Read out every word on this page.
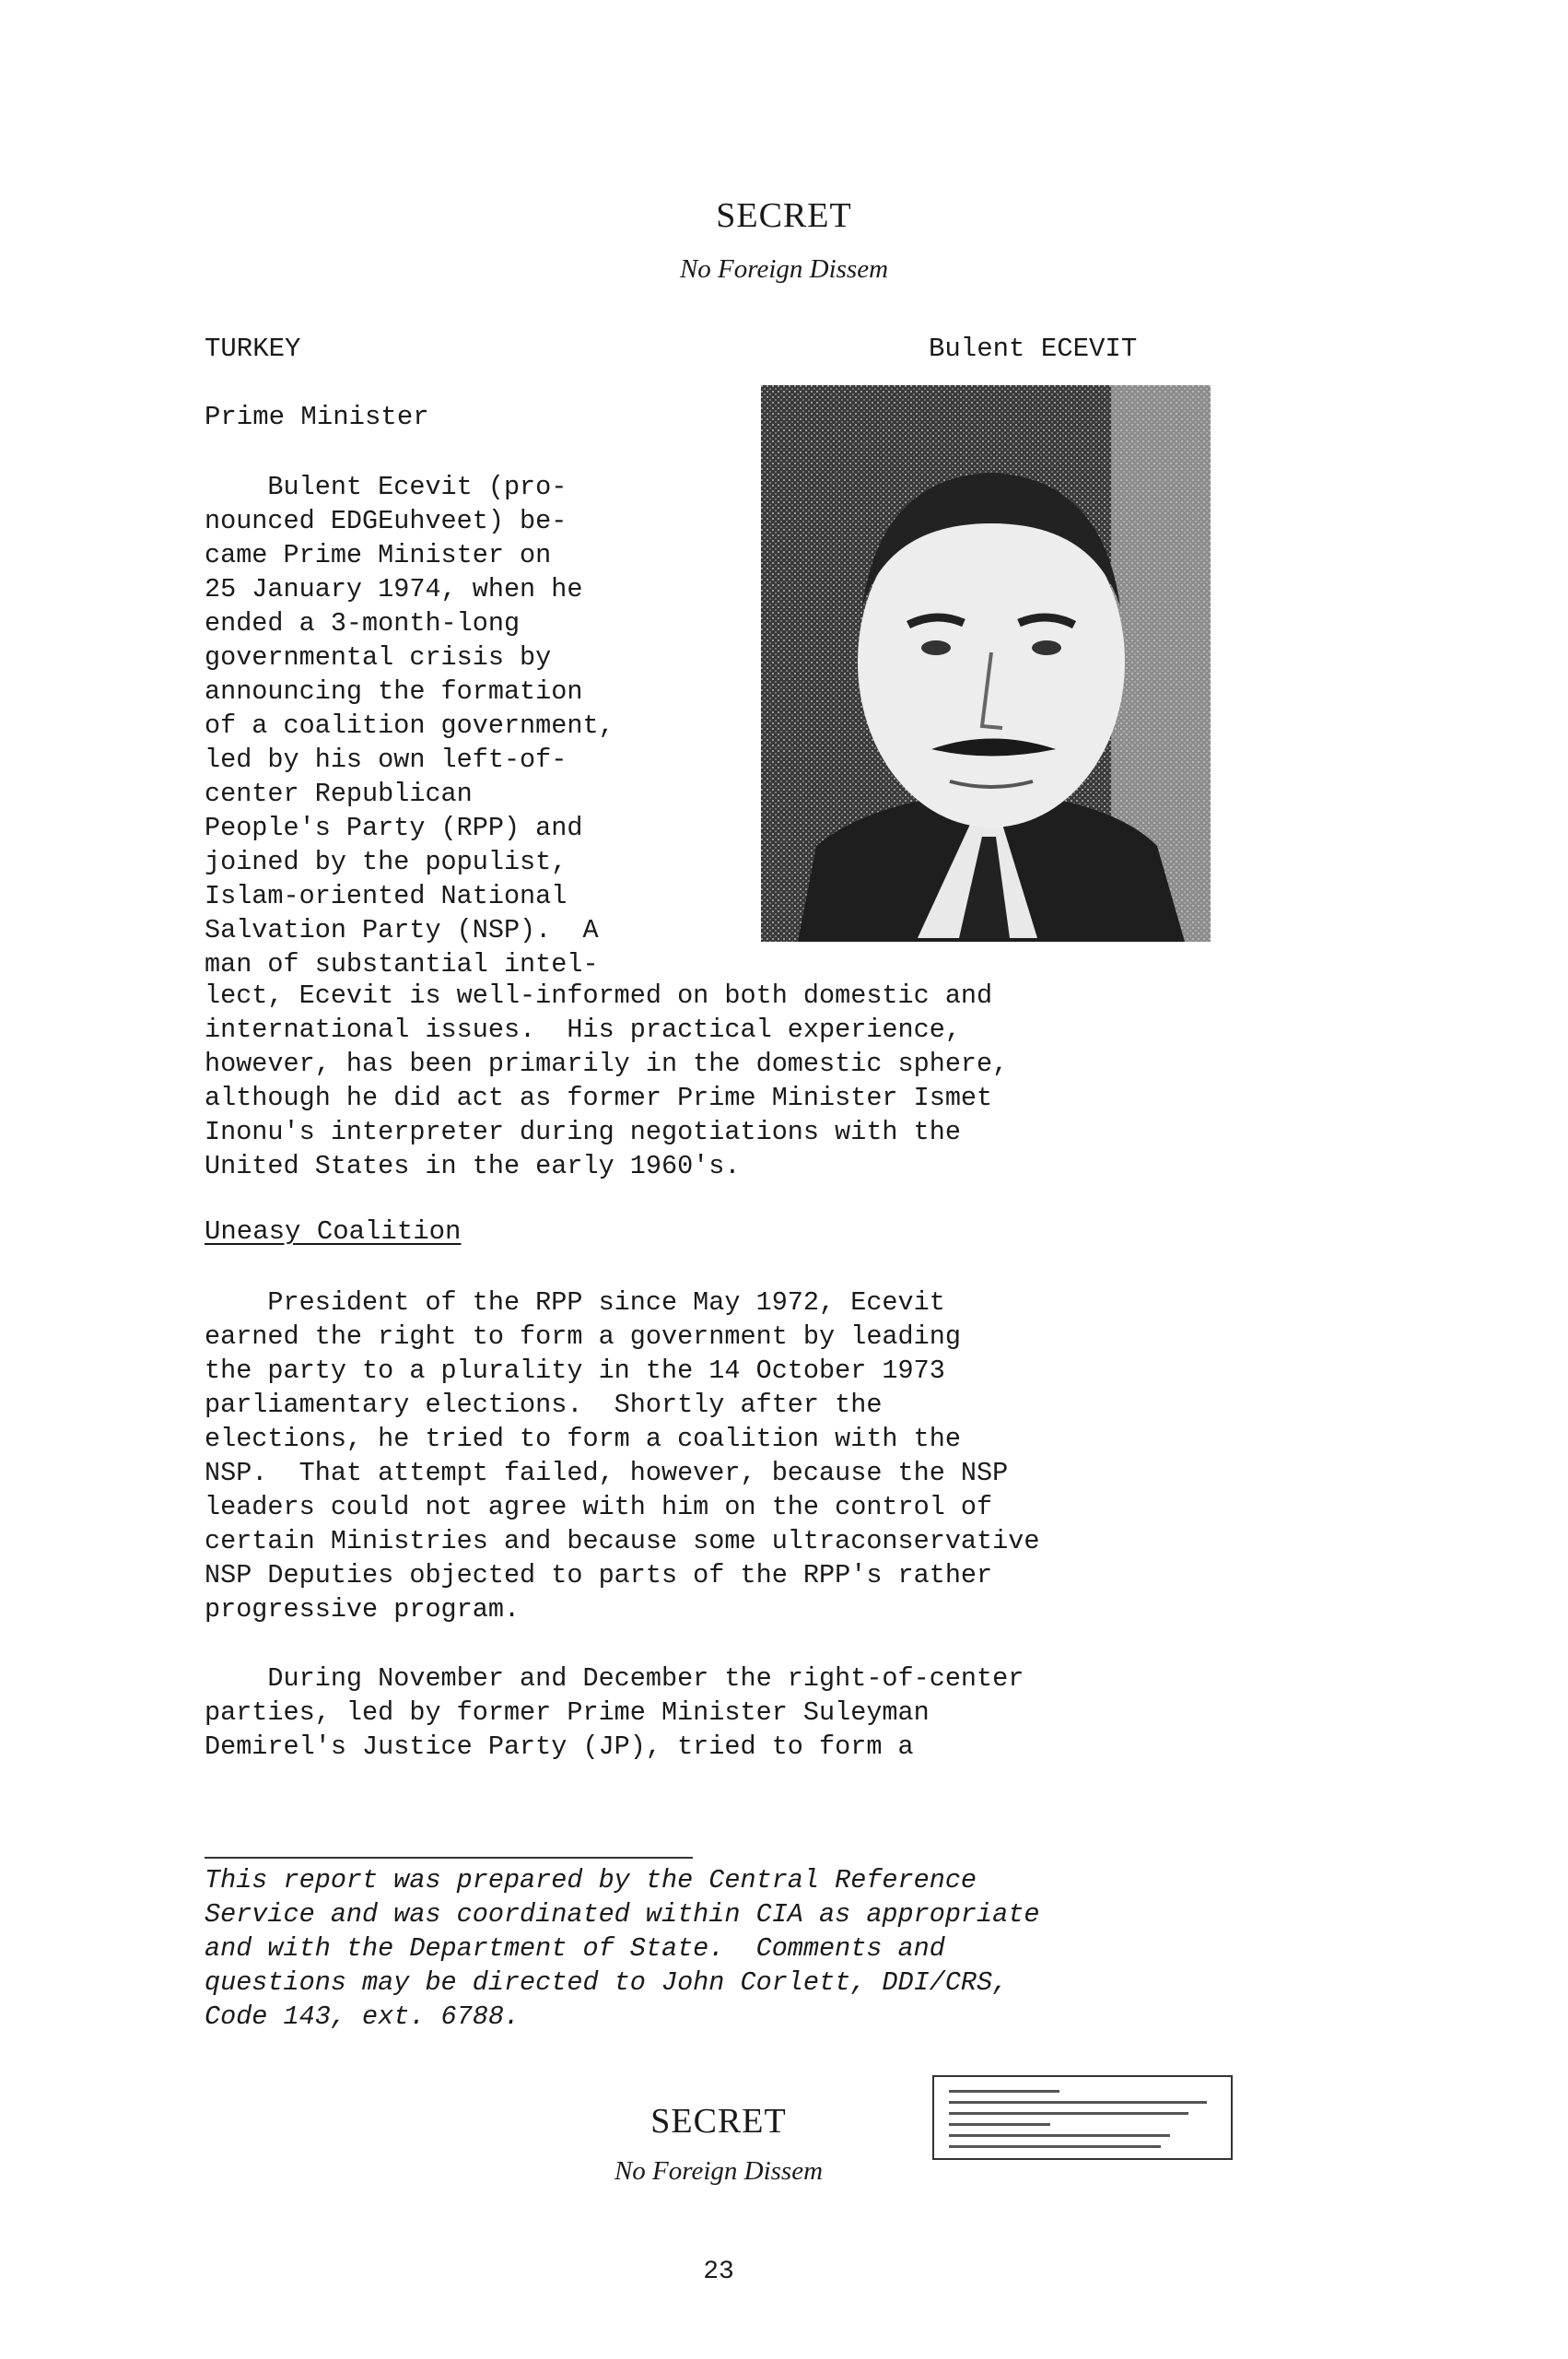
SECRET
No Foreign Dissem
TURKEY	Bulent ECEVIT
Prime Minister
Bulent Ecevit (pro-
nounced EDGEuhveet) be-
came Prime Minister on
25 January 1974, when he
ended a 3-month-long
governmental crisis by
announcing the formation
of a coalition government,
led by his own left-of-
center Republican
People's Party (RPP) and
joined by the populist,
Islam-oriented National
Salvation Party (NSP).  A
man of substantial intel-
lect, Ecevit is well-informed on both domestic and
international issues.  His practical experience,
however, has been primarily in the domestic sphere,
although he did act as former Prime Minister Ismet
Inonu's interpreter during negotiations with the
United States in the early 1960's.
Uneasy Coalition
President of the RPP since May 1972, Ecevit
earned the right to form a government by leading
the party to a plurality in the 14 October 1973
parliamentary elections.  Shortly after the
elections, he tried to form a coalition with the
NSP.  That attempt failed, however, because the NSP
leaders could not agree with him on the control of
certain Ministries and because some ultraconservative
NSP Deputies objected to parts of the RPP's rather
progressive program.
During November and December the right-of-center
parties, led by former Prime Minister Suleyman
Demirel's Justice Party (JP), tried to form a
This report was prepared by the Central Reference
Service and was coordinated within CIA as appropriate
and with the Department of State.  Comments and
questions may be directed to John Corlett, DDI/CRS,
Code 143, ext. 6788.
SECRET
No Foreign Dissem
23
